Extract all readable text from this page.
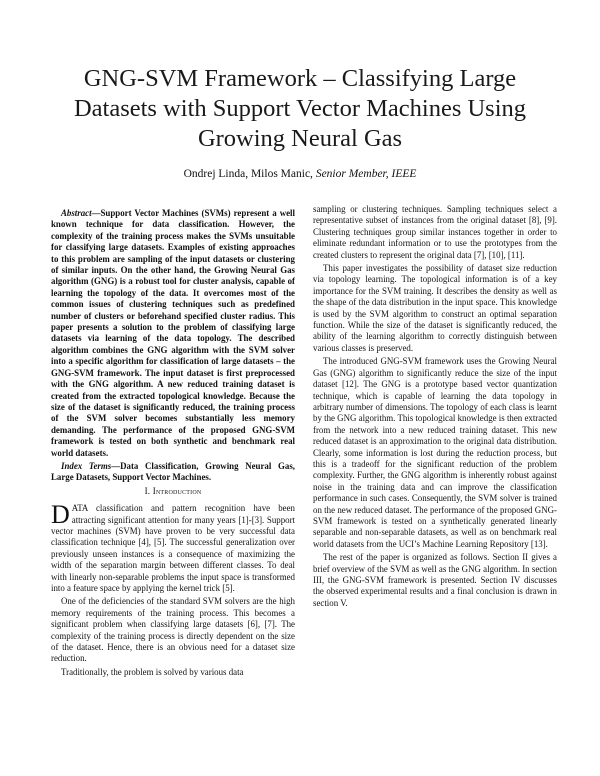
GNG-SVM Framework – Classifying Large Datasets with Support Vector Machines Using Growing Neural Gas
Ondrej Linda, Milos Manic, Senior Member, IEEE

Abstract—Support Vector Machines (SVMs) represent a well known technique for data classification. However, the complexity of the training process makes the SVMs unsuitable for classifying large datasets. Examples of existing approaches to this problem are sampling of the input datasets or clustering of similar inputs. On the other hand, the Growing Neural Gas algorithm (GNG) is a robust tool for cluster analysis, capable of learning the topology of the data. It overcomes most of the common issues of clustering techniques such as predefined number of clusters or beforehand specified cluster radius. This paper presents a solution to the problem of classifying large datasets via learning of the data topology. The described algorithm combines the GNG algorithm with the SVM solver into a specific algorithm for classification of large datasets – the GNG-SVM framework. The input dataset is first preprocessed with the GNG algorithm. A new reduced training dataset is created from the extracted topological knowledge. Because the size of the dataset is significantly reduced, the training process of the SVM solver becomes substantially less memory demanding. The performance of the proposed GNG-SVM framework is tested on both synthetic and benchmark real world datasets.

Index Terms—Data Classification, Growing Neural Gas, Large Datasets, Support Vector Machines.

I. Introduction

DATA classification and pattern recognition have been attracting significant attention for many years [1]-[3]. Support vector machines (SVM) have proven to be very successful data classification technique [4], [5]. The successful generalization over previously unseen instances is a consequence of maximizing the width of the separation margin between different classes. To deal with linearly non-separable problems the input space is transformed into a feature space by applying the kernel trick [5].

One of the deficiencies of the standard SVM solvers are the high memory requirements of the training process. This becomes a significant problem when classifying large datasets [6], [7]. The complexity of the training process is directly dependent on the size of the dataset. Hence, there is an obvious need for a dataset size reduction.

Traditionally, the problem is solved by various data

sampling or clustering techniques. Sampling techniques select a representative subset of instances from the original dataset [8], [9]. Clustering techniques group similar instances together in order to eliminate redundant information or to use the prototypes from the created clusters to represent the original data [7], [10], [11].

This paper investigates the possibility of dataset size reduction via topology learning. The topological information is of a key importance for the SVM training. It describes the density as well as the shape of the data distribution in the input space. This knowledge is used by the SVM algorithm to construct an optimal separation function. While the size of the dataset is significantly reduced, the ability of the learning algorithm to correctly distinguish between various classes is preserved.

The introduced GNG-SVM framework uses the Growing Neural Gas (GNG) algorithm to significantly reduce the size of the input dataset [12]. The GNG is a prototype based vector quantization technique, which is capable of learning the data topology in arbitrary number of dimensions. The topology of each class is learnt by the GNG algorithm. This topological knowledge is then extracted from the network into a new reduced training dataset. This new reduced dataset is an approximation to the original data distribution. Clearly, some information is lost during the reduction process, but this is a tradeoff for the significant reduction of the problem complexity. Further, the GNG algorithm is inherently robust against noise in the training data and can improve the classification performance in such cases. Consequently, the SVM solver is trained on the new reduced dataset. The performance of the proposed GNG-SVM framework is tested on a synthetically generated linearly separable and non-separable datasets, as well as on benchmark real world datasets from the UCI’s Machine Learning Repository [13].

The rest of the paper is organized as follows. Section II gives a brief overview of the SVM as well as the GNG algorithm. In section III, the GNG-SVM framework is presented. Section IV discusses the observed experimental results and a final conclusion is drawn in section V.
